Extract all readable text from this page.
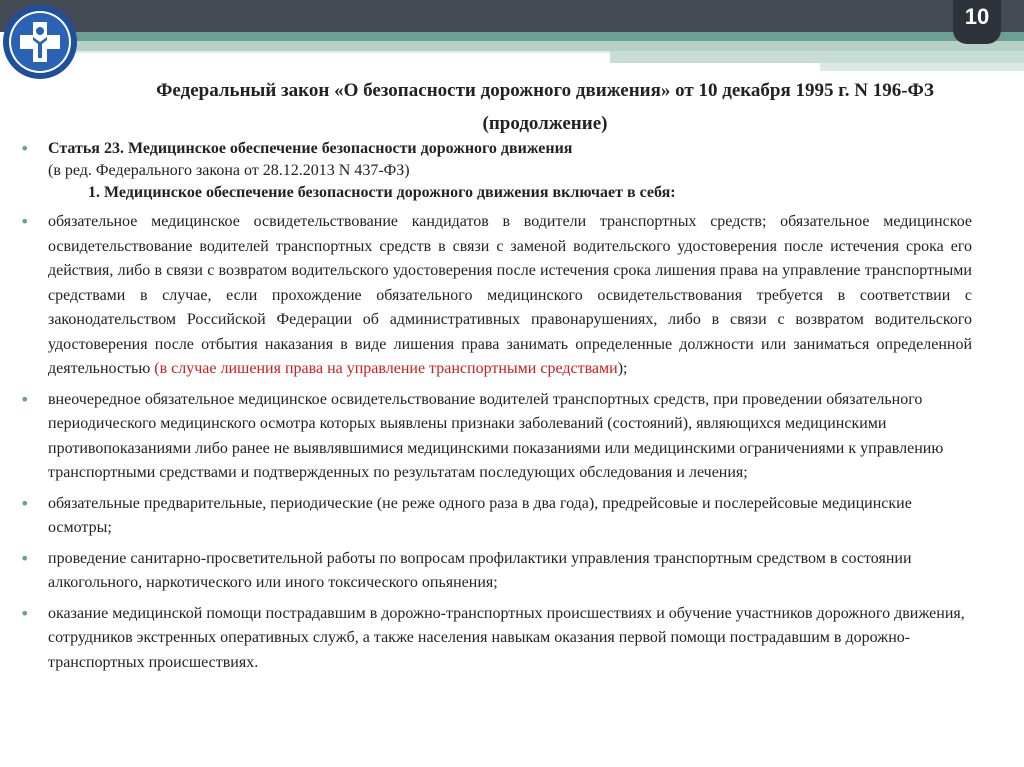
10
Федеральный закон «О безопасности дорожного движения» от 10 декабря 1995 г. N 196-ФЗ (продолжение)
• Статья 23. Медицинское обеспечение безопасности дорожного движения
(в ред. Федерального закона от 28.12.2013 N 437-ФЗ)
1. Медицинское обеспечение безопасности дорожного движения включает в себя:
• обязательное медицинское освидетельствование кандидатов в водители транспортных средств; обязательное медицинское освидетельствование водителей транспортных средств в связи с заменой водительского удостоверения после истечения срока его действия, либо в связи с возвратом водительского удостоверения после истечения срока лишения права на управление транспортными средствами в случае, если прохождение обязательного медицинского освидетельствования требуется в соответствии с законодательством Российской Федерации об административных правонарушениях, либо в связи с возвратом водительского удостоверения после отбытия наказания в виде лишения права занимать определенные должности или заниматься определенной деятельностью (в случае лишения права на управление транспортными средствами);
• внеочередное обязательное медицинское освидетельствование водителей транспортных средств, при проведении обязательного периодического медицинского осмотра которых выявлены признаки заболеваний (состояний), являющихся медицинскими противопоказаниями либо ранее не выявлявшимися медицинскими показаниями или медицинскими ограничениями к управлению транспортными средствами и подтвержденных по результатам последующих обследования и лечения;
• обязательные предварительные, периодические (не реже одного раза в два года), предрейсовые и послерейсовые медицинские осмотры;
• проведение санитарно-просветительной работы по вопросам профилактики управления транспортным средством в состоянии алкогольного, наркотического или иного токсического опьянения;
• оказание медицинской помощи пострадавшим в дорожно-транспортных происшествиях и обучение участников дорожного движения, сотрудников экстренных оперативных служб, а также населения навыкам оказания первой помощи пострадавшим в дорожно-транспортных происшествиях.
